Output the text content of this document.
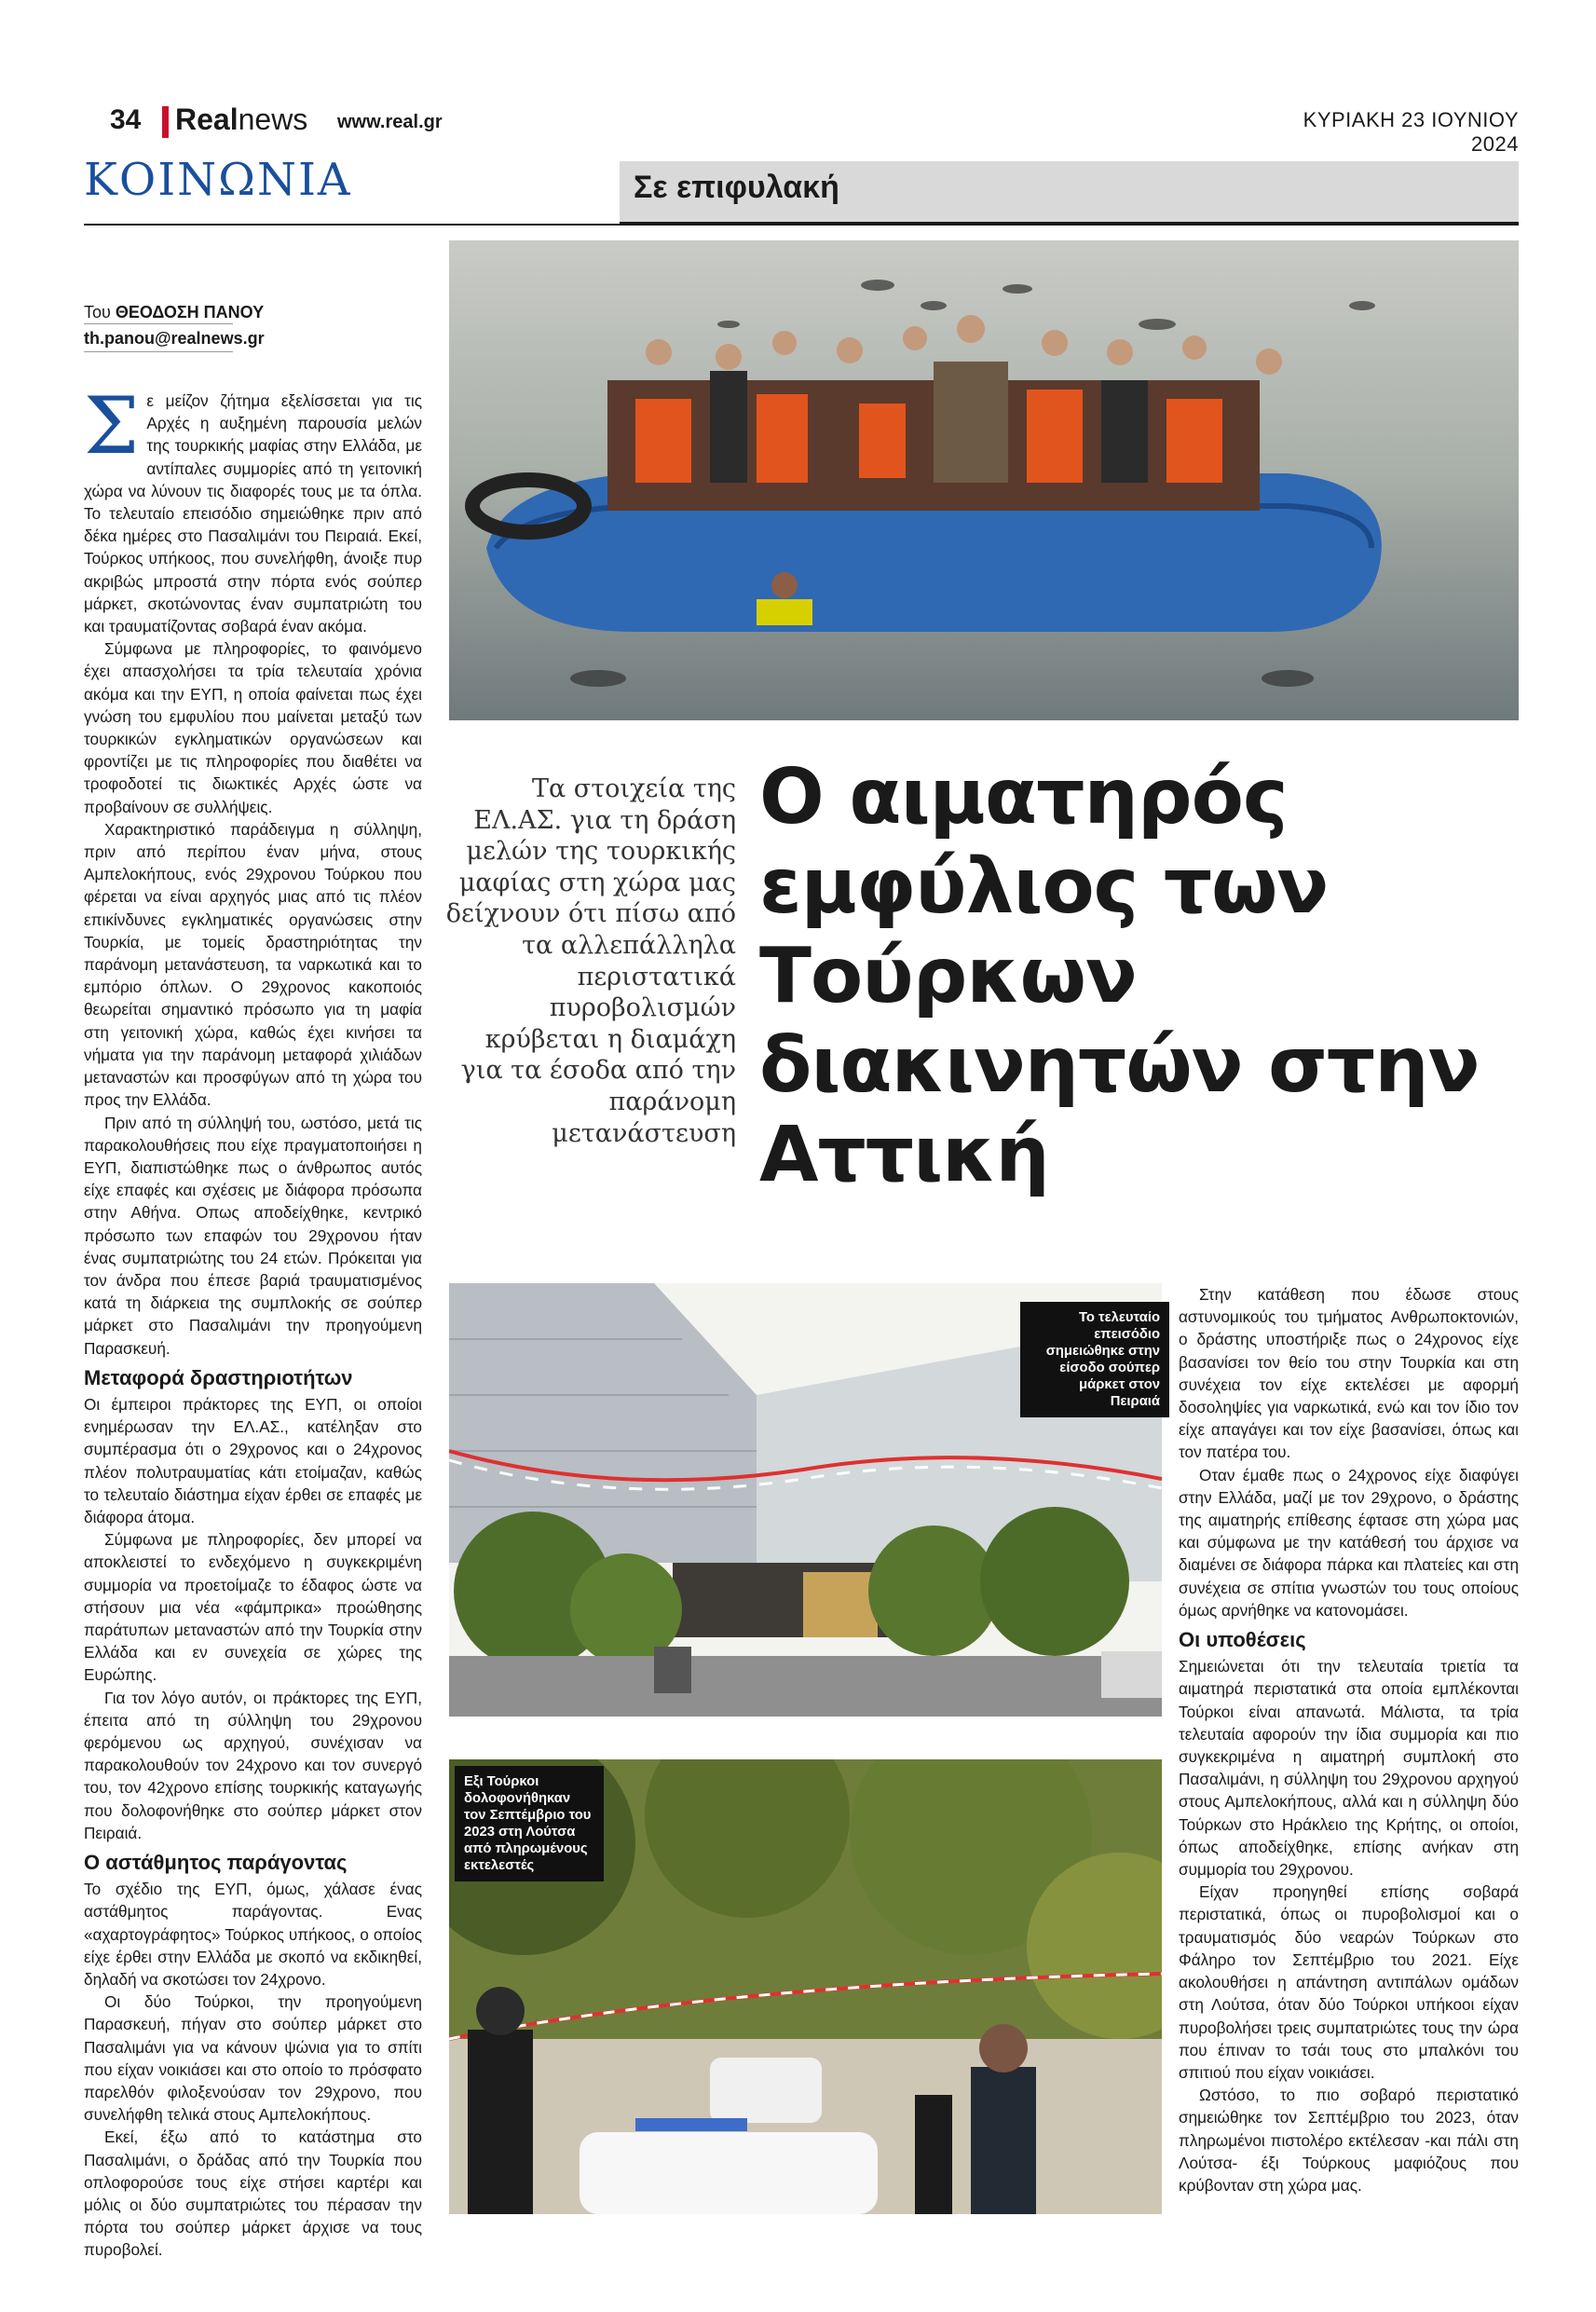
34 Realnews www.real.gr	ΚΥΡΙΑΚΗ 23 ΙΟΥΝΙΟΥ 2024
ΚΟΙΝΩΝΙΑ	Σε επιφυλακή
Του ΘΕΟΔΟΣΗ ΠΑΝΟΥ
th.panou@realnews.gr

Σε μείζον ζήτημα εξελίσσεται για τις Αρχές η αυξημένη παρουσία μελών της τουρκικής μαφίας στην Ελλάδα, με αντίπαλες συμμορίες από τη γειτονική χώρα να λύνουν τις διαφορές τους με τα όπλα. Το τελευταίο επεισόδιο σημειώθηκε πριν από δέκα ημέρες στο Πασαλιμάνι του Πειραιά. Εκεί, Τούρκος υπήκοος, που συνελήφθη, άνοιξε πυρ ακριβώς μπροστά στην πόρτα ενός σούπερ μάρκετ, σκοτώνοντας έναν συμπατριώτη του και τραυματίζοντας σοβαρά έναν ακόμα.

Σύμφωνα με πληροφορίες, το φαινόμενο έχει απασχολήσει τα τρία τελευταία χρόνια ακόμα και την ΕΥΠ, η οποία φαίνεται πως έχει γνώση του εμφυλίου που μαίνεται μεταξύ των τουρκικών εγκληματικών οργανώσεων και φροντίζει με τις πληροφορίες που διαθέτει να τροφοδοτεί τις διωκτικές Αρχές ώστε να προβαίνουν σε συλλήψεις.

Χαρακτηριστικό παράδειγμα η σύλληψη, πριν από περίπου έναν μήνα, στους Αμπελοκήπους, ενός 29χρονου Τούρκου που φέρεται να είναι αρχηγός μιας από τις πλέον επικίνδυνες εγκληματικές οργανώσεις στην Τουρκία, με τομείς δραστηριότητας την παράνομη μετανάστευση, τα ναρκωτικά και το εμπόριο όπλων. Ο 29χρονος κακοποιός θεωρείται σημαντικό πρόσωπο για τη μαφία στη γειτονική χώρα, καθώς έχει κινήσει τα νήματα για την παράνομη μεταφορά χιλιάδων μεταναστών και προσφύγων από τη χώρα του προς την Ελλάδα.

Πριν από τη σύλληψή του, ωστόσο, μετά τις παρακολουθήσεις που είχε πραγματοποιήσει η ΕΥΠ, διαπιστώθηκε πως ο άνθρωπος αυτός είχε επαφές και σχέσεις με διάφορα πρόσωπα στην Αθήνα. Οπως αποδείχθηκε, κεντρικό πρόσωπο των επαφών του 29χρονου ήταν ένας συμπατριώτης του 24 ετών. Πρόκειται για τον άνδρα που έπεσε βαριά τραυματισμένος κατά τη διάρκεια της συμπλοκής σε σούπερ μάρκετ στο Πασαλιμάνι την προηγούμενη Παρασκευή.

Μεταφορά δραστηριοτήτων

Οι έμπειροι πράκτορες της ΕΥΠ, οι οποίοι ενημέρωσαν την ΕΛ.ΑΣ., κατέληξαν στο συμπέρασμα ότι ο 29χρονος και ο 24χρονος πλέον πολυτραυματίας κάτι ετοίμαζαν, καθώς το τελευταίο διάστημα είχαν έρθει σε επαφές με διάφορα άτομα.

Σύμφωνα με πληροφορίες, δεν μπορεί να αποκλειστεί το ενδεχόμενο η συγκεκριμένη συμμορία να προετοίμαζε το έδαφος ώστε να στήσουν μια νέα «φάμπρικα» προώθησης παράτυπων μεταναστών από την Τουρκία στην Ελλάδα και εν συνεχεία σε χώρες της Ευρώπης.

Για τον λόγο αυτόν, οι πράκτορες της ΕΥΠ, έπειτα από τη σύλληψη του 29χρονου φερόμενου ως αρχηγού, συνέχισαν να παρακολουθούν τον 24χρονο και τον συνεργό του, τον 42χρονο επίσης τουρκικής καταγωγής που δολοφονήθηκε στο σούπερ μάρκετ στον Πειραιά.

Ο αστάθμητος παράγοντας

Το σχέδιο της ΕΥΠ, όμως, χάλασε ένας αστάθμητος παράγοντας. Ενας «αχαρτογράφητος» Τούρκος υπήκοος, ο οποίος είχε έρθει στην Ελλάδα με σκοπό να εκδικηθεί, δηλαδή να σκοτώσει τον 24χρονο.

Οι δύο Τούρκοι, την προηγούμενη Παρασκευή, πήγαν στο σούπερ μάρκετ στο Πασαλιμάνι για να κάνουν ψώνια για το σπίτι που είχαν νοικιάσει και στο οποίο το πρόσφατο παρελθόν φιλοξενούσαν τον 29χρονο, που συνελήφθη τελικά στους Αμπελοκήπους.

Εκεί, έξω από το κατάστημα στο Πασαλιμάνι, ο δράδας από την Τουρκία που οπλοφορούσε τους είχε στήσει καρτέρι και μόλις οι δύο συμπατριώτες του πέρασαν την πόρτα του σούπερ μάρκετ άρχισε να τους πυροβολεί.

Τα στοιχεία της ΕΛ.ΑΣ. για τη δράση μελών της τουρκικής μαφίας στη χώρα μας δείχνουν ότι πίσω από τα αλλεπάλληλα περιστατικά πυροβολισμών κρύβεται η διαμάχη για τα έσοδα από την παράνομη μετανάστευση
Ο αιματηρός εμφύλιος των Τούρκων διακινητών στην Αττική
Το τελευταίο επεισόδιο σημειώθηκε στην είσοδο σούπερ μάρκετ στον Πειραιά
Εξι Τούρκοι δολοφονήθηκαν τον Σεπτέμβριο του 2023 στη Λούτσα από πληρωμένους εκτελεστές

Στην κατάθεση που έδωσε στους αστυνομικούς του τμήματος Ανθρωποκτονιών, ο δράστης υποστήριξε πως ο 24χρονος είχε βασανίσει τον θείο του στην Τουρκία και στη συνέχεια τον είχε εκτελέσει με αφορμή δοσοληψίες για ναρκωτικά, ενώ και τον ίδιο τον είχε απαγάγει και τον είχε βασανίσει, όπως και τον πατέρα του.

Οταν έμαθε πως ο 24χρονος είχε διαφύγει στην Ελλάδα, μαζί με τον 29χρονο, ο δράστης της αιματηρής επίθεσης έφτασε στη χώρα μας και σύμφωνα με την κατάθεσή του άρχισε να διαμένει σε διάφορα πάρκα και πλατείες και στη συνέχεια σε σπίτια γνωστών του τους οποίους όμως αρνήθηκε να κατονομάσει.

Οι υποθέσεις

Σημειώνεται ότι την τελευταία τριετία τα αιματηρά περιστατικά στα οποία εμπλέκονται Τούρκοι είναι απανωτά. Μάλιστα, τα τρία τελευταία αφορούν την ίδια συμμορία και πιο συγκεκριμένα η αιματηρή συμπλοκή στο Πασαλιμάνι, η σύλληψη του 29χρονου αρχηγού στους Αμπελοκήπους, αλλά και η σύλληψη δύο Τούρκων στο Ηράκλειο της Κρήτης, οι οποίοι, όπως αποδείχθηκε, επίσης ανήκαν στη συμμορία του 29χρονου.

Είχαν προηγηθεί επίσης σοβαρά περιστατικά, όπως οι πυροβολισμοί και ο τραυματισμός δύο νεαρών Τούρκων στο Φάληρο τον Σεπτέμβριο του 2021. Είχε ακολουθήσει η απάντηση αντιπάλων ομάδων στη Λούτσα, όταν δύο Τούρκοι υπήκοοι είχαν πυροβολήσει τρεις συμπατριώτες τους την ώρα που έπιναν το τσάι τους στο μπαλκόνι του σπιτιού που είχαν νοικιάσει.

Ωστόσο, το πιο σοβαρό περιστατικό σημειώθηκε τον Σεπτέμβριο του 2023, όταν πληρωμένοι πιστολέρο εκτέλεσαν -και πάλι στη Λούτσα- έξι Τούρκους μαφιόζους που κρύβονταν στη χώρα μας.
